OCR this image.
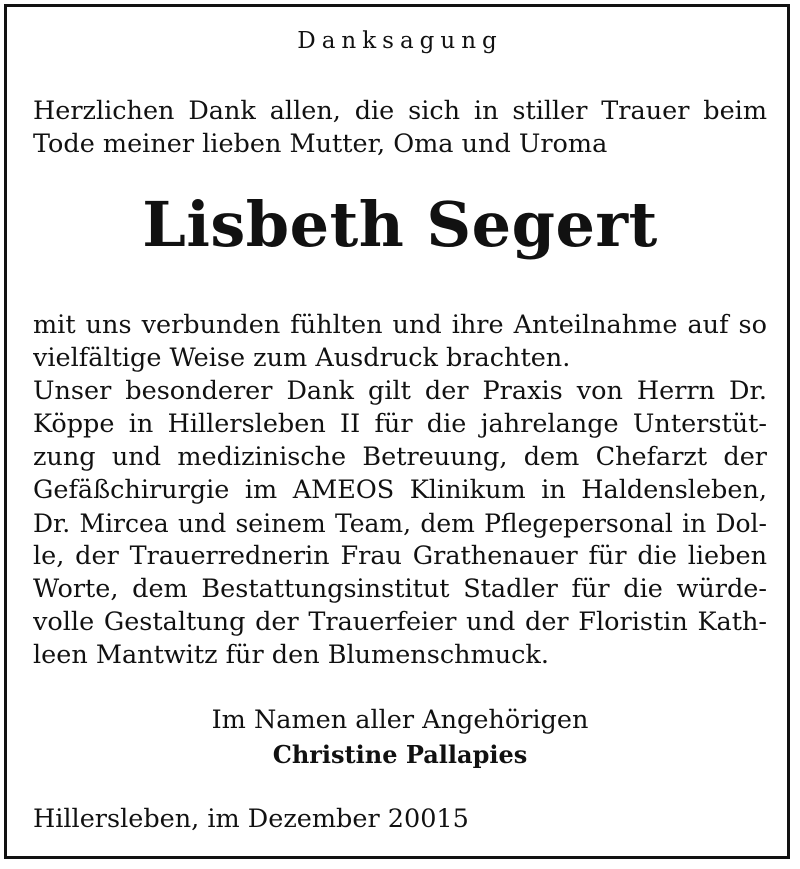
Danksagung
Herzlichen Dank allen, die sich in stiller Trauer beim
Tode meiner lieben Mutter, Oma und Uroma
Lisbeth Segert
mit uns verbunden fühlten und ihre Anteilnahme auf so
vielfältige Weise zum Ausdruck brachten.
Unser besonderer Dank gilt der Praxis von Herrn Dr.
Köppe in Hillersleben II für die jahrelange Unterstüt-
zung und medizinische Betreuung, dem Chefarzt der
Gefäßchirurgie im AMEOS Klinikum in Haldensleben,
Dr. Mircea und seinem Team, dem Pflegepersonal in Dol-
le, der Trauerrednerin Frau Grathenauer für die lieben
Worte, dem Bestattungsinstitut Stadler für die würde-
volle Gestaltung der Trauerfeier und der Floristin Kath-
leen Mantwitz für den Blumenschmuck.
Im Namen aller Angehörigen
Christine Pallapies
Hillersleben, im Dezember 20015
